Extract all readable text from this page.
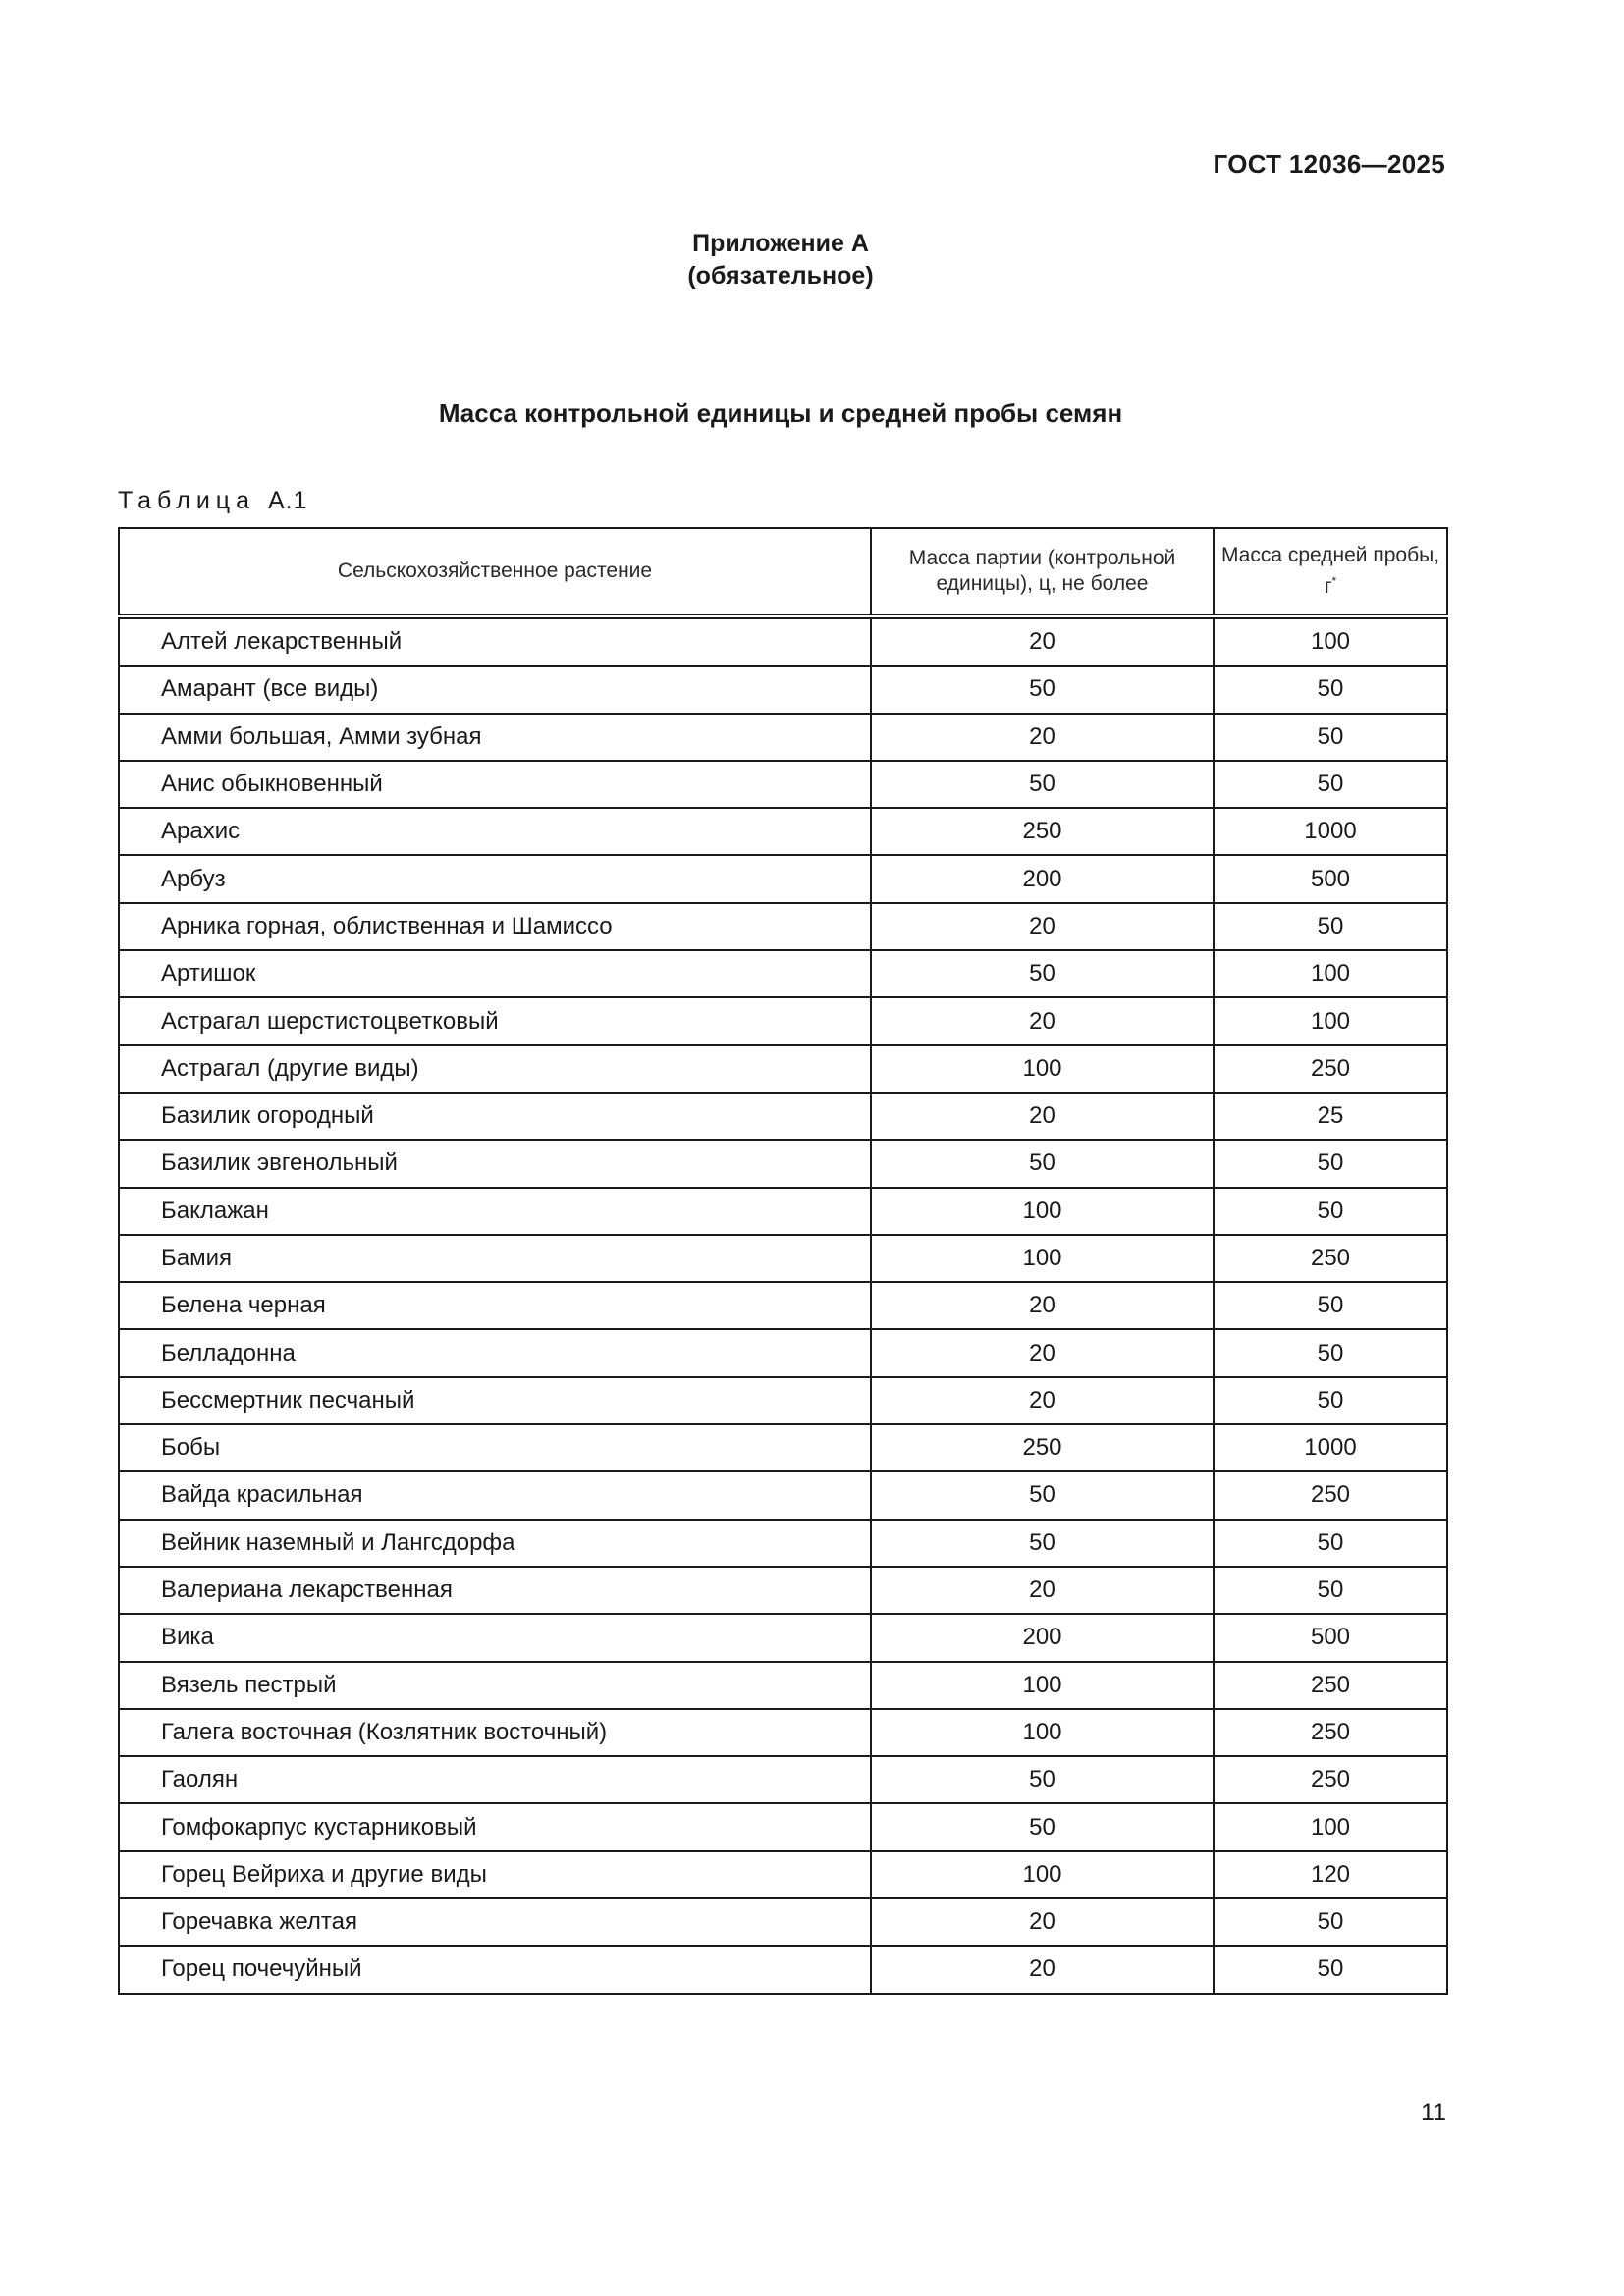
ГОСТ 12036—2025
Приложение А
(обязательное)
Масса контрольной единицы и средней пробы семян
Таблица А.1
Сельскохозяйственное растение	Масса партии (контрольной единицы), ц, не более	Масса средней пробы, г*
Алтей лекарственный	20	100
Амарант (все виды)	50	50
Амми большая, Амми зубная	20	50
Анис обыкновенный	50	50
Арахис	250	1000
Арбуз	200	500
Арника горная, облиственная и Шамиссо	20	50
Артишок	50	100
Астрагал шерстистоцветковый	20	100
Астрагал (другие виды)	100	250
Базилик огородный	20	25
Базилик эвгенольный	50	50
Баклажан	100	50
Бамия	100	250
Белена черная	20	50
Белладонна	20	50
Бессмертник песчаный	20	50
Бобы	250	1000
Вайда красильная	50	250
Вейник наземный и Лангсдорфа	50	50
Валериана лекарственная	20	50
Вика	200	500
Вязель пестрый	100	250
Галега восточная (Козлятник восточный)	100	250
Гаолян	50	250
Гомфокарпус кустарниковый	50	100
Горец Вейриха и другие виды	100	120
Горечавка желтая	20	50
Горец почечуйный	20	50
11
